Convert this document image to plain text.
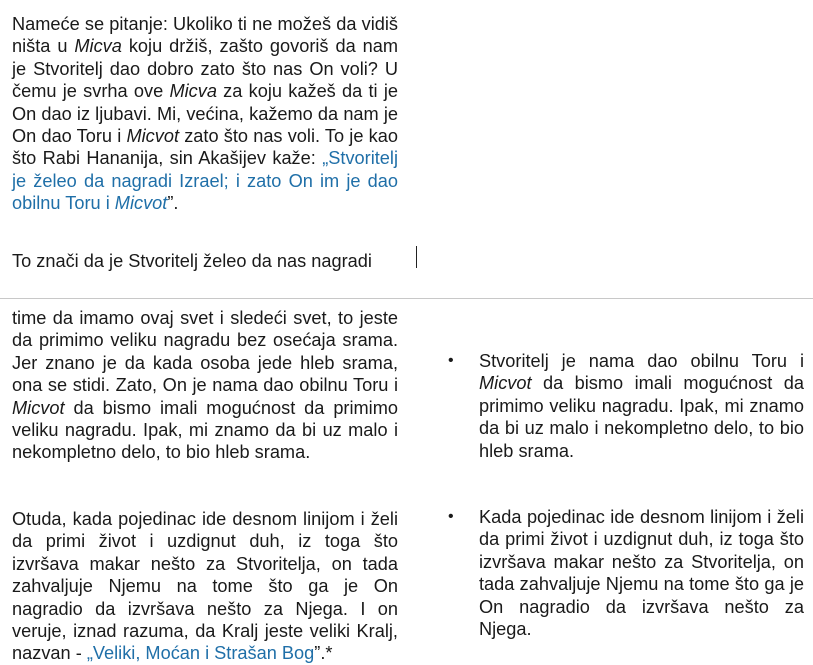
Nameće se pitanje: Ukoliko ti ne možeš da vidiš ništa u Micva koju držiš, zašto govoriš da nam je Stvoritelj dao dobro zato što nas On voli? U čemu je svrha ove Micva za koju kažeš da ti je On dao iz ljubavi. Mi, većina, kažemo da nam je On dao Toru i Micvot zato što nas voli. To je kao što Rabi Hananija, sin Akašijev kaže: „Stvoritelj je želeo da nagradi Izrael; i zato On im je dao obilnu Toru i Micvot”.

To znači da je Stvoritelj želeo da nas nagradi

time da imamo ovaj svet i sledeći svet, to jeste da primimo veliku nagradu bez osećaja srama. Jer znano je da kada osoba jede hleb srama, ona se stidi. Zato, On je nama dao obilnu Toru i Micvot da bismo imali mogućnost da primimo veliku nagradu. Ipak, mi znamo da bi uz malo i nekompletno delo, to bio hleb srama.

Otuda, kada pojedinac ide desnom linijom i želi da primi život i uzdignut duh, iz toga što izvršava makar nešto za Stvoritelja, on tada zahvaljuje Njemu na tome što ga je On nagradio da izvršava nešto za Njega. I on veruje, iznad razuma, da Kralj jeste veliki Kralj, nazvan - „Veliki, Moćan i Strašan Bog”.*

• Stvoritelj je nama dao obilnu Toru i Micvot da bismo imali mogućnost da primimo veliku nagradu. Ipak, mi znamo da bi uz malo i nekompletno delo, to bio hleb srama.
• Kada pojedinac ide desnom linijom i želi da primi život i uzdignut duh, iz toga što izvršava makar nešto za Stvoritelja, on tada zahvaljuje Njemu na tome što ga je On nagradio da izvršava nešto za Njega.
